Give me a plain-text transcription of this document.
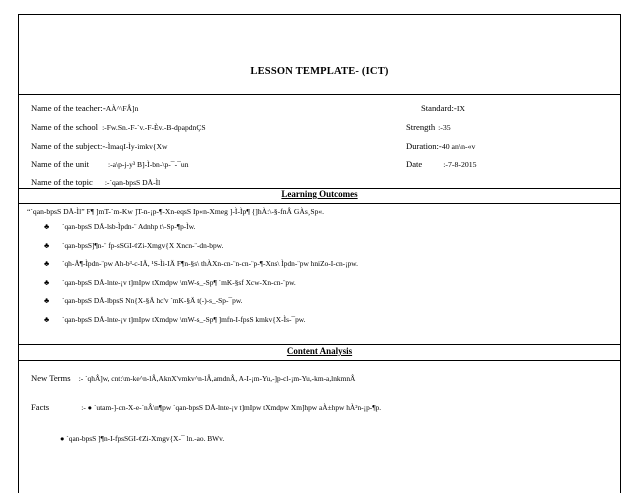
LESSON TEMPLATE- (ICT)
Name of the teacher:-AÀ^\FÂ]n	Standard:-IX
Name of the school :-Fw.Sn.-F-`v.-F-Èv.-B-dpapdnÇS	Strength :-35
Name of the subject:--ÌmaqI-Ìy-imkv{Xw	Duration:-40 an\n-«v
Name of the unit	:-a\p-j-y³ B]-Ì-bn-\p-¯-¯un	Date	:-7-8-2015
Name of the topic :-`qan-bpsS DÅ-Ìl
Learning Outcomes
“`qan-bpsS DÅ-Ìl” F¶ ]mT-`m-Kw ]T-n-¡p-¶-Xn-eqsS Ip«n-Xmeg ]-Ì-Ìp¶ {]hÀ:\-§-fnÂ GÀs¸Sp«.
♣	`qan-bpsS DÅ-lsb-Ìpdn-¨ Adnhp t\-Sp-¶p-Ìw.
♣	`qan-bpsS]¶n-¨ fp-sSGI-¢Zi-Xmgv{X Xncn-¨-dn-bpw.
♣	`qh-Ä¶-Ìpdn-¨pw Ah-b³-c-IÄ, ¹S-Ìi-IÄ F¶n-§s\ thÀXn-cn-¨n-cn-¨p-¶-Xns\ Ìpdn-¨pw hniZo-I-cn-¡pw.
♣	`qan-bpsS DÅ-lnte-¡v t]mIpw tXmdpw \mW-s_-Sp¶ `mK-§sf Xcw-Xn-cn-¨pw.
♣	`qan-bpsS DÅ-lbpsS Nn{X-§Ä hc'v `mK-§Ä t(-)-s_-Sp-¯pw.
♣	`qan-bpsS DÅ-lnte-¡v t]mIpw tXmdpw \mW-s_-Sp¶ ]mfn-I-fpsS kmkv{X-Ìs-¯pw.
Content Analysis
New Terms :- `qhÂ]w, cnt:\m-ke^n-lÂ,AknX'vmkv^n-lÂ,amdnÂ, A-I-¡m-Yu,-]p-cl-¡m-Yu,-km-a,lnkmnÂ
Facts	:- ● `utam-]-cn-X-e-`nÂ\n¶pw `qan-bpsS DÅ-lnte-¡v t]mIpw tXmdpw Xm]hpw aÀ±hpw hÀ²n-¡p-¶p.
● `qan-bpsS ]¶n-I-fpsSGI-¢Zi-Xmgv{X-¯ ln.-ao. BWv.
